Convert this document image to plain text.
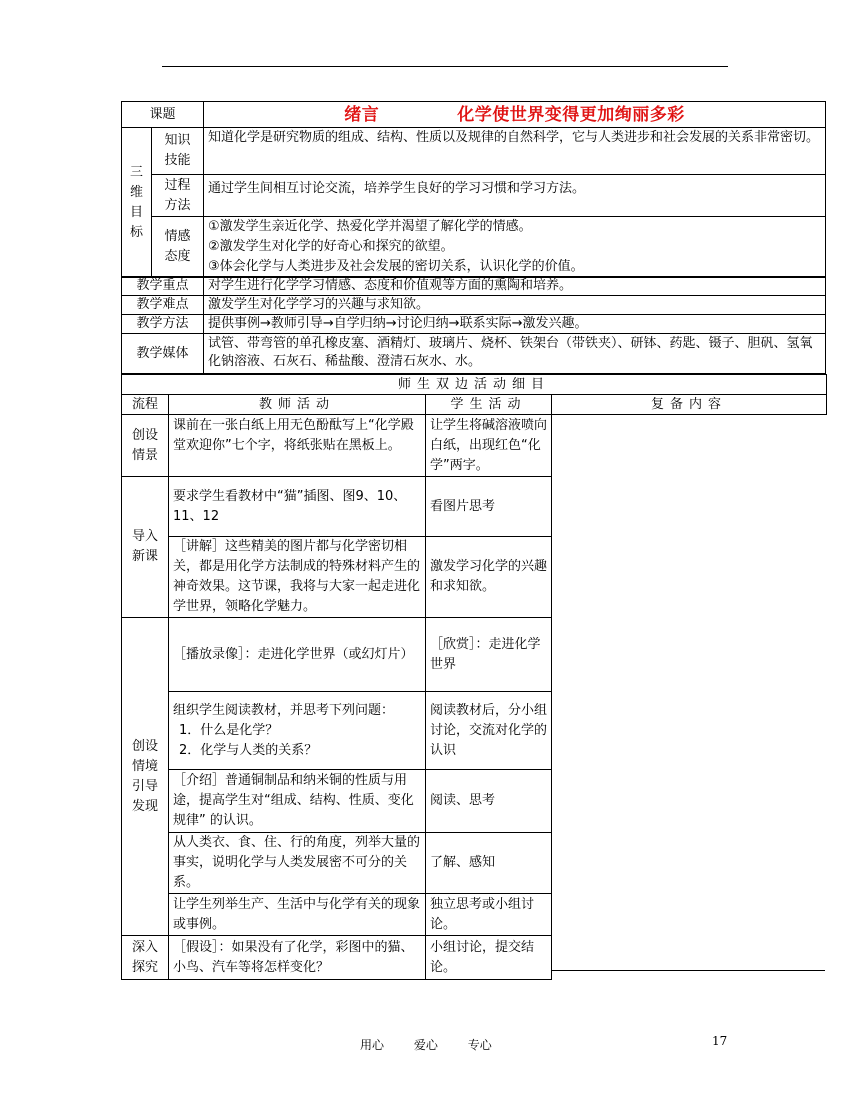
课题	绪言	化学使世界变得更加绚丽多彩
三维目标	知识技能	知道化学是研究物质的组成、结构、性质以及规律的自然科学，它与人类进步和社会发展的关系非常密切。

	过程方法	通过学生间相互讨论交流，培养学生良好的学习习惯和学习方法。

	情感态度	①激发学生亲近化学、热爱化学并渴望了解化学的情感。
②激发学生对化学的好奇心和探究的欲望。
③体会化学与人类进步及社会发展的密切关系，认识化学的价值。
教学重点	对学生进行化学学习情感、态度和价值观等方面的熏陶和培养。
教学难点	激发学生对化学学习的兴趣与求知欲。
教学方法	提供事例→教师引导→自学归纳→讨论归纳→联系实际→激发兴趣。
教学媒体	试管、带弯管的单孔橡皮塞、酒精灯、玻璃片、烧杯、铁架台（带铁夹）、研钵、药匙、镊子、胆矾、氢氧化钠溶液、石灰石、稀盐酸、澄清石灰水、水。
师生双边活动细目
流程	教师活动	学生活动	复备内容

创设情景	课前在一张白纸上用无色酚酞写上“化学殿堂欢迎你”七个字，将纸张贴在黑板上。	让学生将碱溶液喷向白纸，出现红色“化学”两字。	

导入新课	要求学生看教材中“猫”插图、图9、10、11、12	看图片思考	
	［讲解］这些精美的图片都与化学密切相关，都是用化学方法制成的特殊材料产生的神奇效果。这节课，我将与大家一起走进化学世界，领略化学魅力。	激发学习化学的兴趣和求知欲。	

创设情境引导发现	［播放录像］：走进化学世界（或幻灯片）	［欣赏］：走进化学世界	

	组织学生阅读教材，并思考下列问题：
1．什么是化学？
2．化学与人类的关系？	阅读教材后，分小组讨论，交流对化学的认识	
	［介绍］普通铜制品和纳米铜的性质与用途，提高学生对“组成、结构、性质、变化规律” 的认识。	阅读、思考	
	从人类衣、食、住、行的角度，列举大量的事实，说明化学与人类发展密不可分的关系。	了解、感知	
	让学生列举生产、生活中与化学有关的现象或事例。	独立思考或小组讨论。	

深入探究	［假设］：如果没有了化学，彩图中的猫、小鸟、汽车等将怎样变化？	小组讨论，提交结论。	
用心 爱心 专心	17
